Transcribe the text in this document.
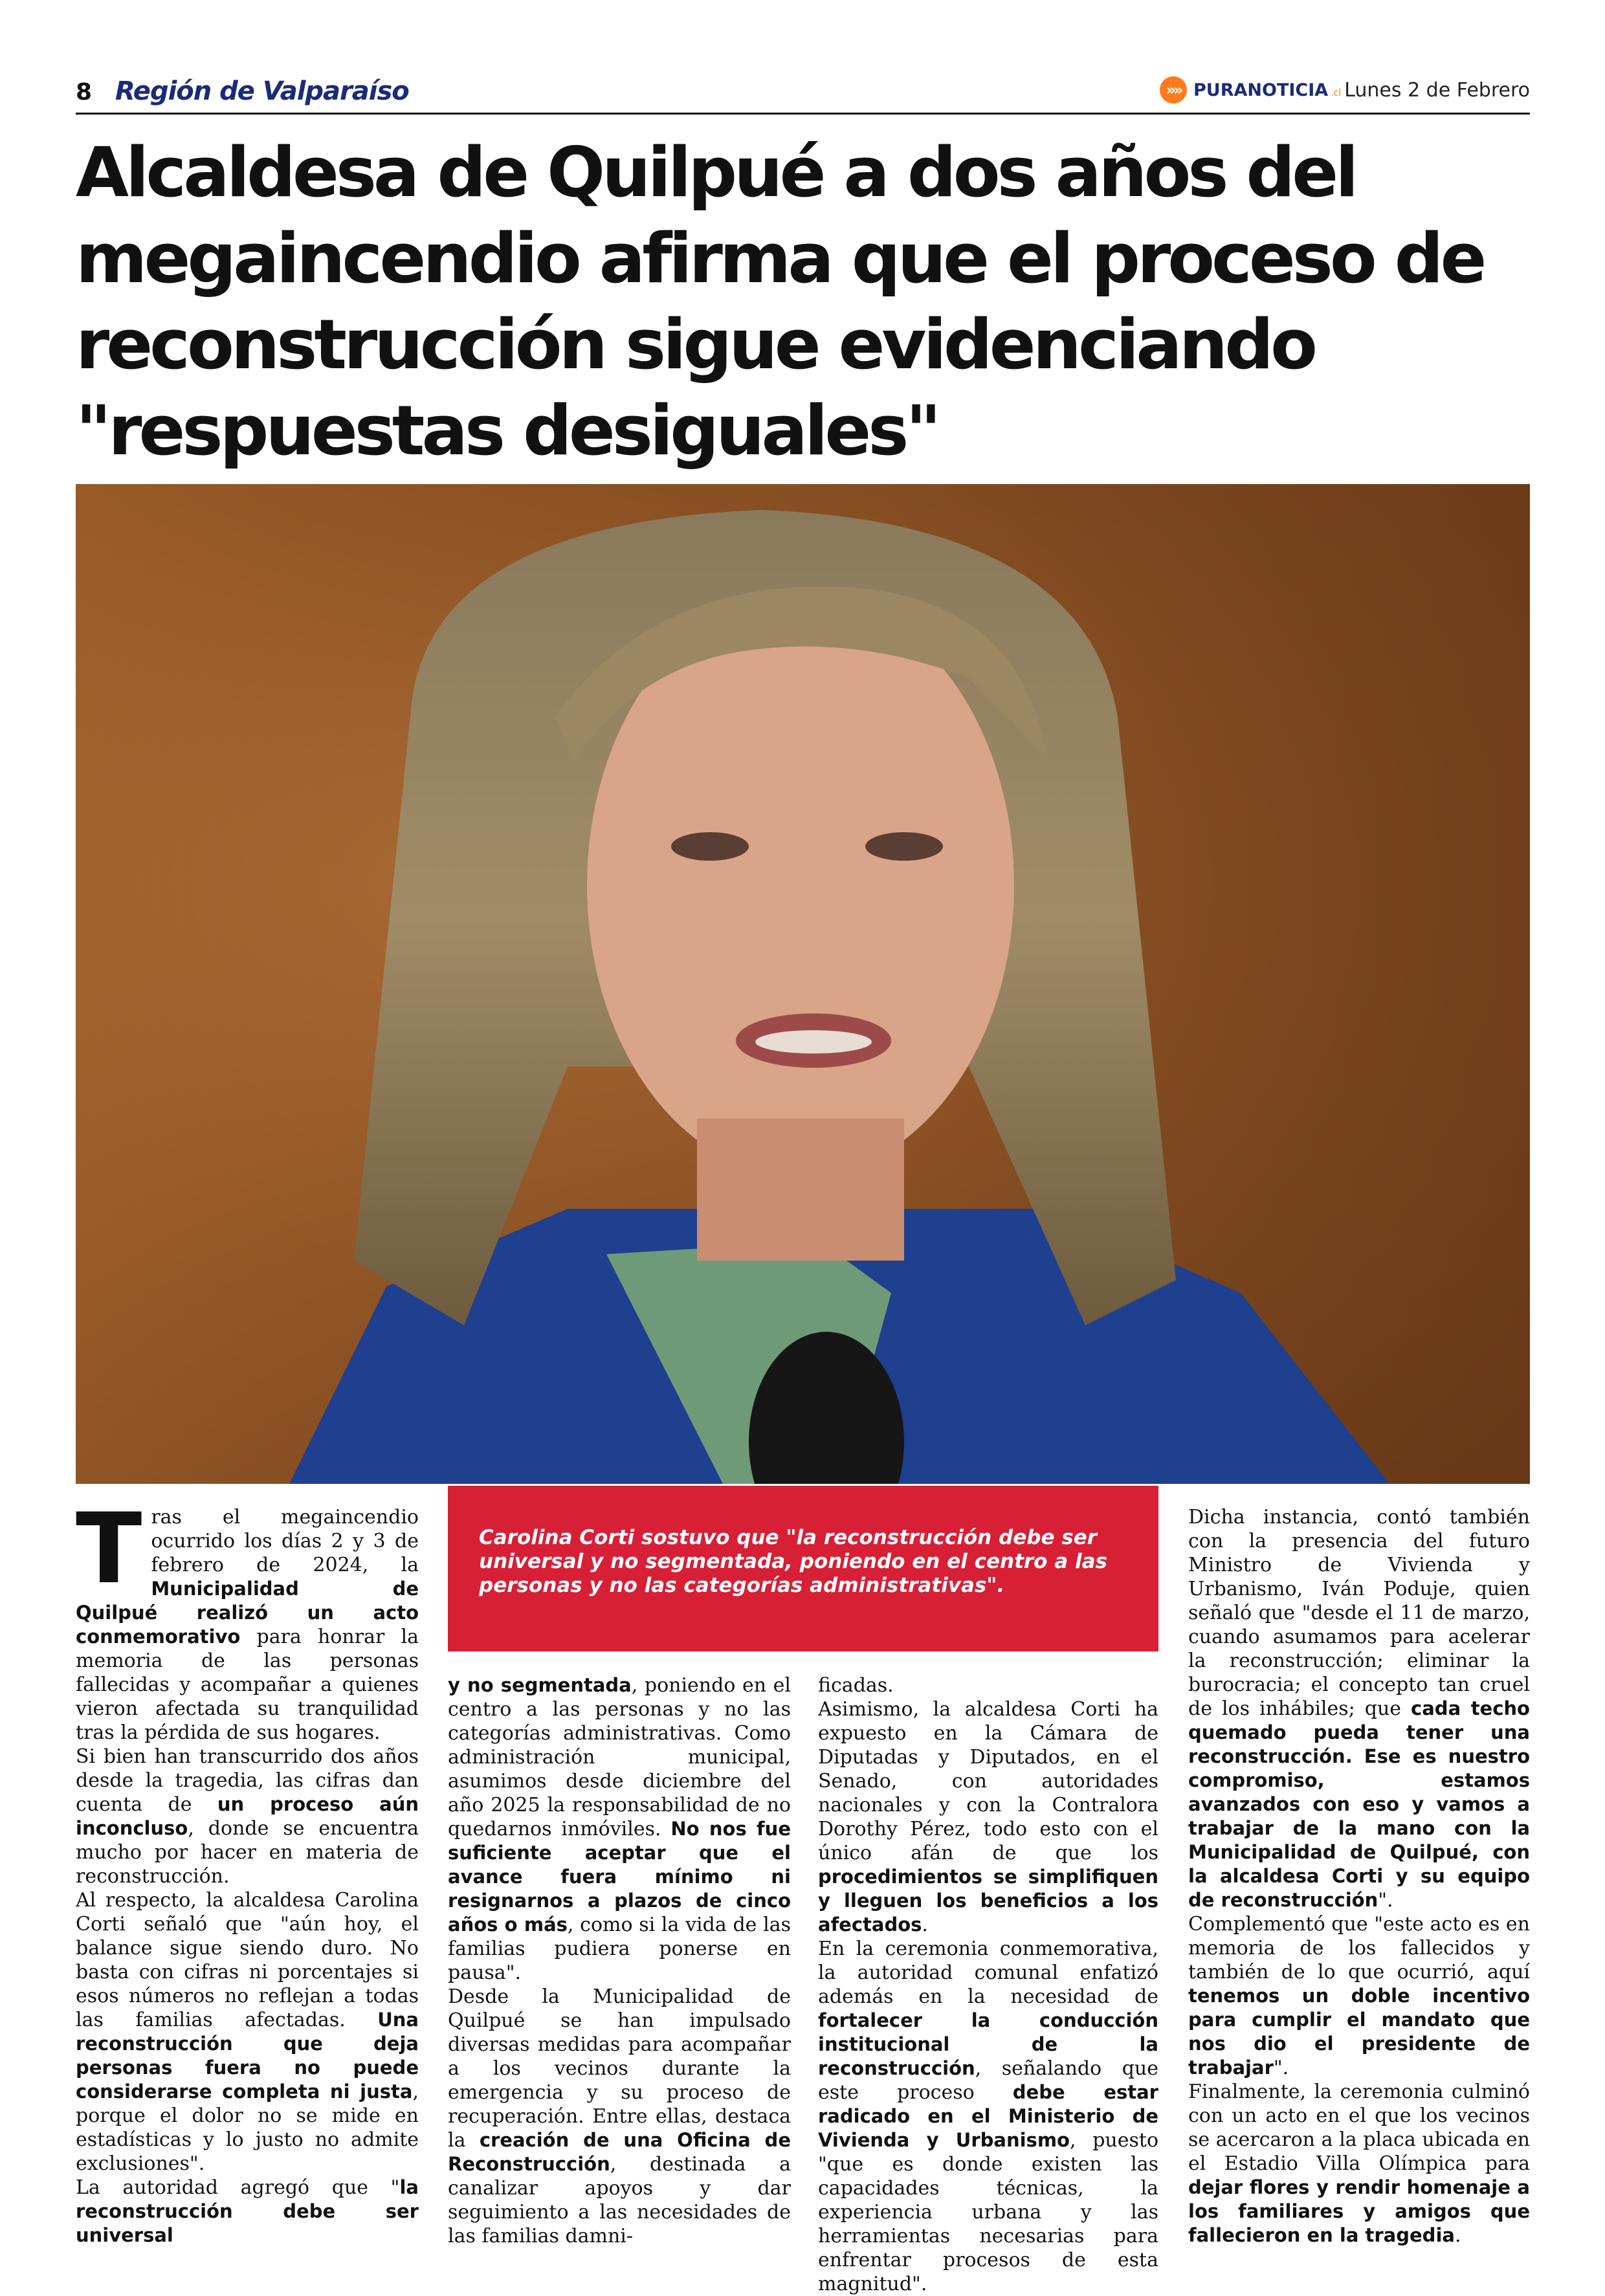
8 Región de Valparaíso	»» PURANOTICIA .cl Lunes 2 de Febrero
Alcaldesa de Quilpué a dos años del megaincendio afirma que el proceso de reconstrucción sigue evidenciando "respuestas desiguales"
T ras el megaincendio ocurrido los días 2 y 3 de febrero de 2024, la Municipalidad de Quilpué realizó un acto conmemorativo para honrar la memoria de las personas fallecidas y acompañar a quienes vieron afectada su tranquilidad tras la pérdida de sus hogares.

Si bien han transcurrido dos años desde la tragedia, las cifras dan cuenta de un proceso aún inconcluso, donde se encuentra mucho por hacer en materia de reconstrucción.

Al respecto, la alcaldesa Carolina Corti señaló que "aún hoy, el balance sigue siendo duro. No basta con cifras ni porcentajes si esos números no reflejan a todas las familias afectadas. Una reconstrucción que deja personas fuera no puede considerarse completa ni justa, porque el dolor no se mide en estadísticas y lo justo no admite exclusiones".

La autoridad agregó que "la reconstrucción debe ser universal

Carolina Corti sostuvo que "la reconstrucción debe ser universal y no segmentada, poniendo en el centro a las personas y no las categorías administrativas".

y no segmentada, poniendo en el centro a las personas y no las categorías administrativas. Como administración municipal, asumimos desde diciembre del año 2025 la responsabilidad de no quedarnos inmóviles. No nos fue suficiente aceptar que el avance fuera mínimo ni resignarnos a plazos de cinco años o más, como si la vida de las familias pudiera ponerse en pausa".

Desde la Municipalidad de Quilpué se han impulsado diversas medidas para acompañar a los vecinos durante la emergencia y su proceso de recuperación. Entre ellas, destaca la creación de una Oficina de Reconstrucción, destinada a canalizar apoyos y dar seguimiento a las necesidades de las familias damni-

ficadas.

Asimismo, la alcaldesa Corti ha expuesto en la Cámara de Diputadas y Diputados, en el Senado, con autoridades nacionales y con la Contralora Dorothy Pérez, todo esto con el único afán de que los procedimientos se simplifiquen y lleguen los beneficios a los afectados.

En la ceremonia conmemorativa, la autoridad comunal enfatizó además en la necesidad de fortalecer la conducción institucional de la reconstrucción, señalando que este proceso debe estar radicado en el Ministerio de Vivienda y Urbanismo, puesto "que es donde existen las capacidades técnicas, la experiencia urbana y las herramientas necesarias para enfrentar procesos de esta magnitud".

Dicha instancia, contó también con la presencia del futuro Ministro de Vivienda y Urbanismo, Iván Poduje, quien señaló que "desde el 11 de marzo, cuando asumamos para acelerar la reconstrucción; eliminar la burocracia; el concepto tan cruel de los inhábiles; que cada techo quemado pueda tener una reconstrucción. Ese es nuestro compromiso, estamos avanzados con eso y vamos a trabajar de la mano con la Municipalidad de Quilpué, con la alcaldesa Corti y su equipo de reconstrucción".

Complementó que "este acto es en memoria de los fallecidos y también de lo que ocurrió, aquí tenemos un doble incentivo para cumplir el mandato que nos dio el presidente de trabajar".

Finalmente, la ceremonia culminó con un acto en el que los vecinos se acercaron a la placa ubicada en el Estadio Villa Olímpica para dejar flores y rendir homenaje a los familiares y amigos que fallecieron en la tragedia.
